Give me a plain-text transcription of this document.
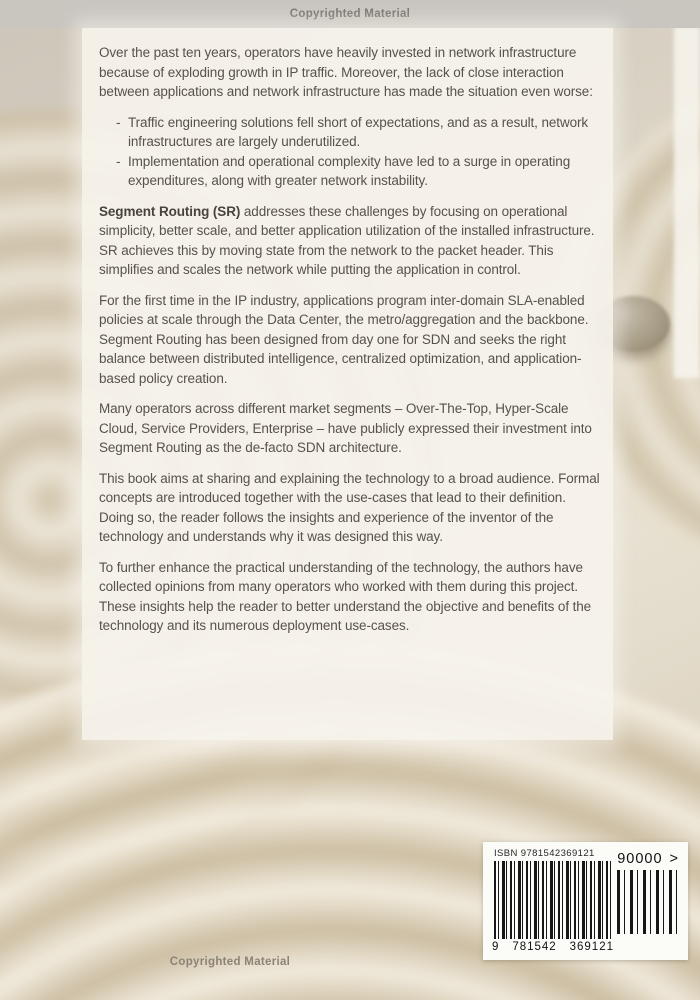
Copyrighted Material

Over the past ten years, operators have heavily invested in network infrastructure because of exploding growth in IP traffic. Moreover, the lack of close interaction between applications and network infrastructure has made the situation even worse:

- Traffic engineering solutions fell short of expectations, and as a result, network infrastructures are largely underutilized.
- Implementation and operational complexity have led to a surge in operating expenditures, along with greater network instability.

Segment Routing (SR) addresses these challenges by focusing on operational simplicity, better scale, and better application utilization of the installed infrastructure. SR achieves this by moving state from the network to the packet header. This simplifies and scales the network while putting the application in control.

For the first time in the IP industry, applications program inter-domain SLA-enabled policies at scale through the Data Center, the metro/aggregation and the backbone. Segment Routing has been designed from day one for SDN and seeks the right balance between distributed intelligence, centralized optimization, and application-based policy creation.

Many operators across different market segments – Over-The-Top, Hyper-Scale Cloud, Service Providers, Enterprise – have publicly expressed their investment into Segment Routing as the de-facto SDN architecture.

This book aims at sharing and explaining the technology to a broad audience. Formal concepts are introduced together with the use-cases that lead to their definition. Doing so, the reader follows the insights and experience of the inventor of the technology and understands why it was designed this way.

To further enhance the practical understanding of the technology, the authors have collected opinions from many operators who worked with them during this project. These insights help the reader to better understand the objective and benefits of the technology and its numerous deployment use-cases.

ISBN 9781542369121
9 781542 369121
90000 >
Copyrighted Material
